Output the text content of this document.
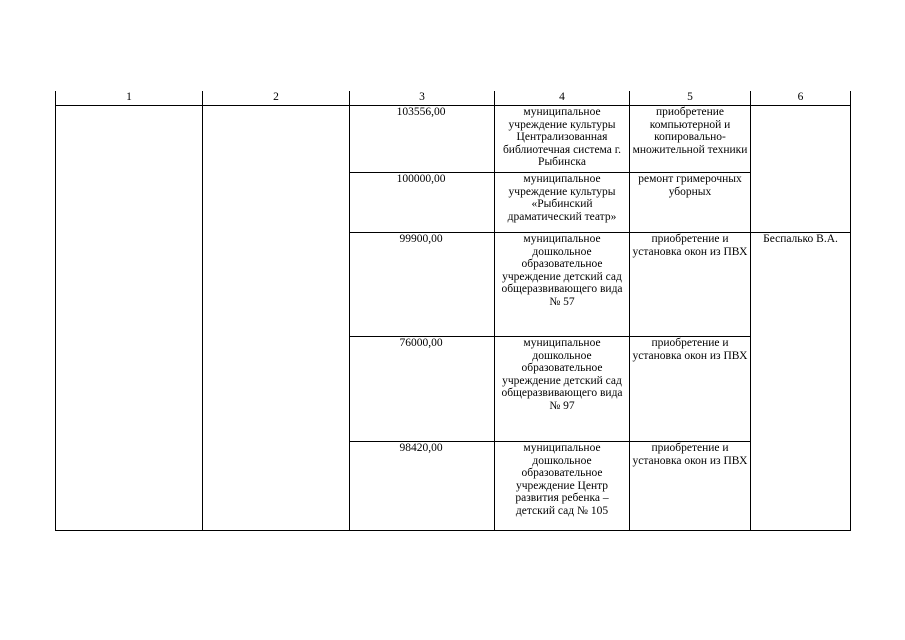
1	2	3	4	5	6
		103556,00	муниципальное учреждение культуры Централизованная библиотечная система г. Рыбинска	приобретение компьютерной и копировально-множительной техники	
		100000,00	муниципальное учреждение культуры «Рыбинский драматический театр»	ремонт гримерочных уборных	
		99900,00	муниципальное дошкольное образовательное учреждение детский сад общеразвивающего вида № 57	приобретение и установка окон из ПВХ	Беспалько В.А.
		76000,00	муниципальное дошкольное образовательное учреждение детский сад общеразвивающего вида № 97	приобретение и установка окон из ПВХ	
		98420,00	муниципальное дошкольное образовательное учреждение Центр развития ребенка – детский сад № 105	приобретение и установка окон из ПВХ	
